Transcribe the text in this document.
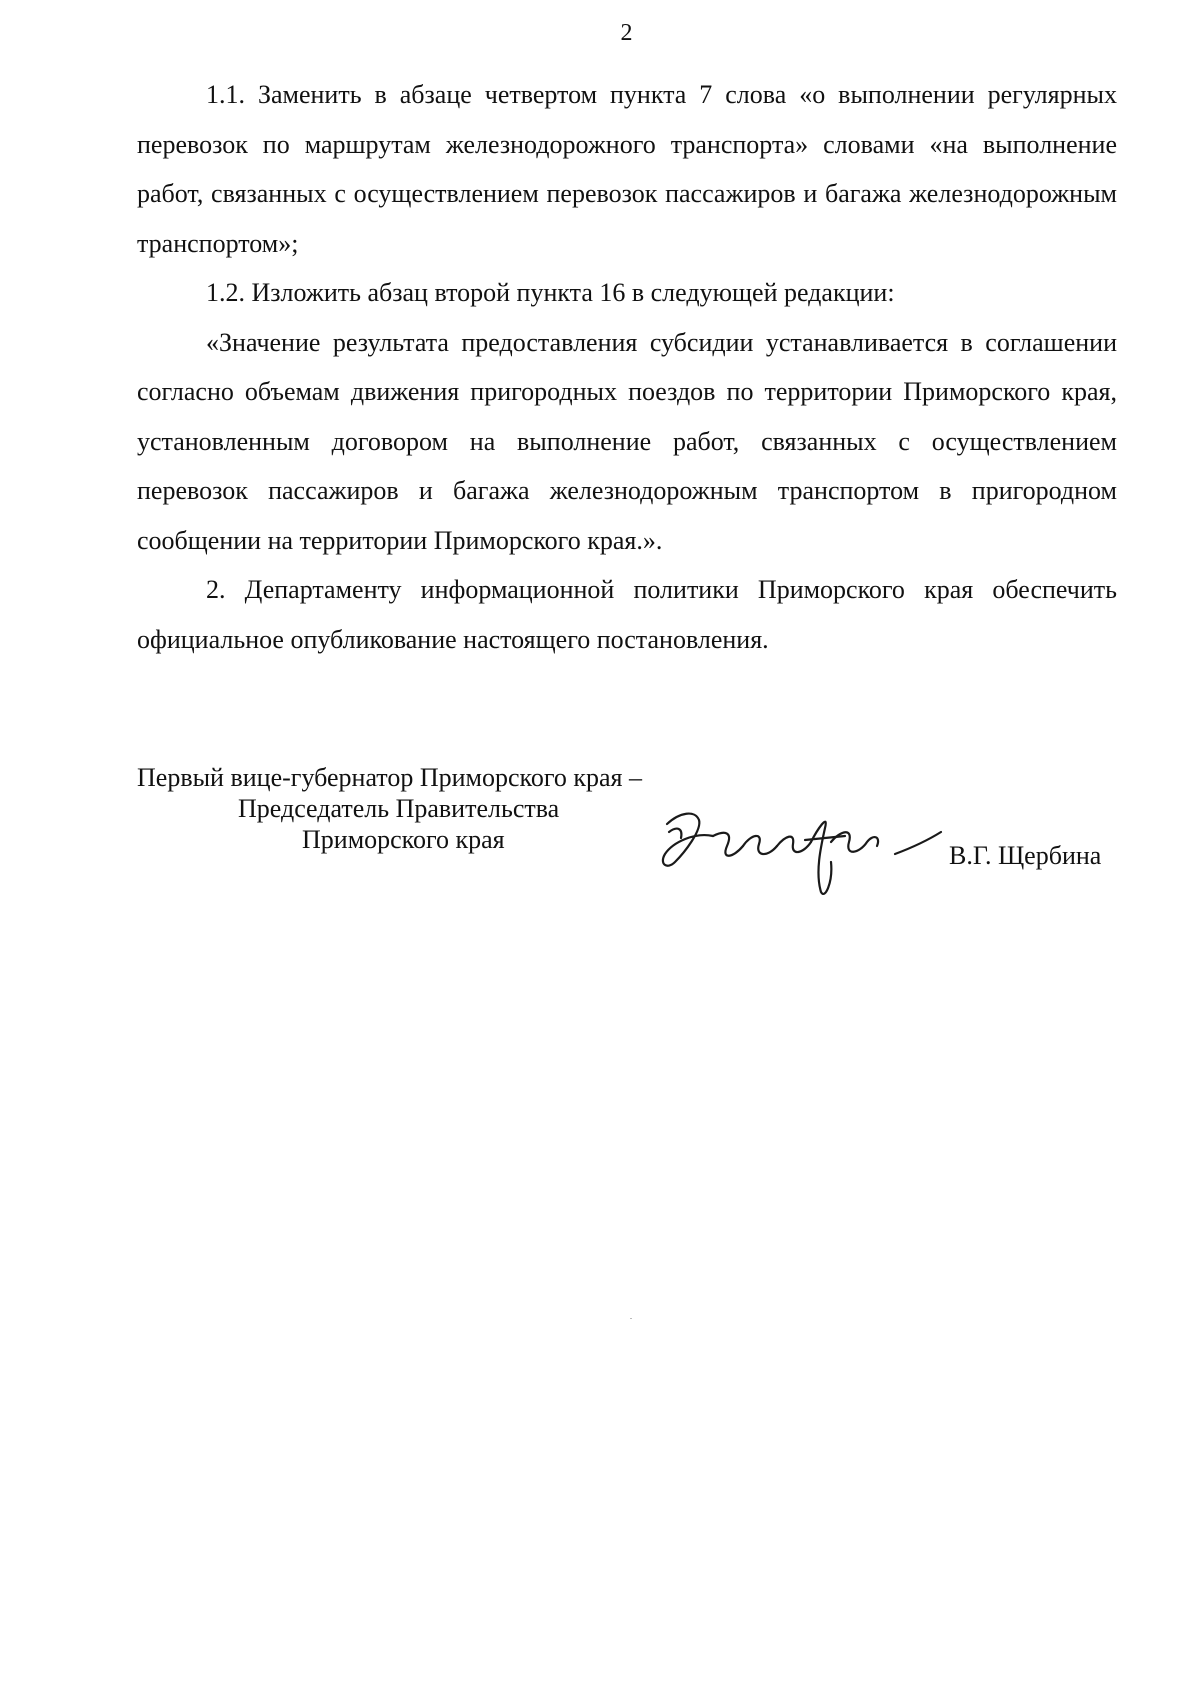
2

1.1. Заменить в абзаце четвертом пункта 7 слова «о выполнении регулярных перевозок по маршрутам железнодорожного транспорта» словами «на выполнение работ, связанных с осуществлением перевозок пассажиров и багажа железнодорожным транспортом»;

1.2. Изложить абзац второй пункта 16 в следующей редакции:

«Значение результата предоставления субсидии устанавливается в соглашении согласно объемам движения пригородных поездов по территории Приморского края, установленным договором на выполнение работ, связанных с осуществлением перевозок пассажиров и багажа железнодорожным транспортом в пригородном сообщении на территории Приморского края.».

2. Департаменту информационной политики Приморского края обеспечить официальное опубликование настоящего постановления.

Первый вице-губернатор Приморского края –
Председатель Правительства
Приморского края
В.Г. Щербина
